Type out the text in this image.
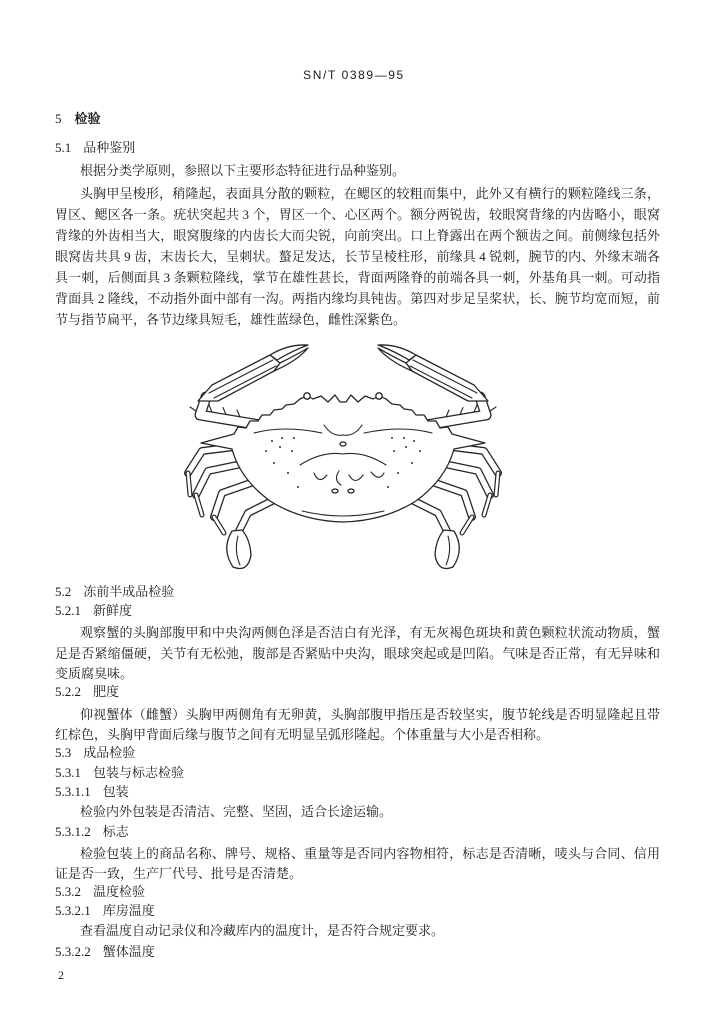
SN/T 0389—95
5 检验
5.1 品种鉴别
根据分类学原则，参照以下主要形态特征进行品种鉴别。
头胸甲呈梭形，稍隆起，表面具分散的颗粒，在鳃区的较粗而集中，此外又有横行的颗粒隆线三条，胃区、鳃区各一条。疣状突起共 3 个，胃区一个、心区两个。额分两锐齿，较眼窝背缘的内齿略小，眼窝背缘的外齿相当大，眼窝腹缘的内齿长大而尖锐，向前突出。口上脊露出在两个额齿之间。前侧缘包括外眼窝齿共具 9 齿，末齿长大，呈刺状。螯足发达，长节呈棱柱形，前缘具 4 锐刺，腕节的内、外缘末端各具一刺，后侧面具 3 条颗粒隆线，掌节在雄性甚长，背面两隆脊的前端各具一刺，外基角具一刺。可动指背面具 2 隆线，不动指外面中部有一沟。两指内缘均具钝齿。第四对步足呈桨状，长、腕节均宽而短，前节与指节扁平，各节边缘具短毛，雄性蓝绿色，雌性深紫色。
5.2 冻前半成品检验
5.2.1 新鲜度
观察蟹的头胸部腹甲和中央沟两侧色泽是否洁白有光泽，有无灰褐色斑块和黄色颗粒状流动物质，蟹足是否紧缩僵硬，关节有无松弛，腹部是否紧贴中央沟，眼球突起或是凹陷。气味是否正常，有无异味和变质腐臭味。
5.2.2 肥度
仰视蟹体（雌蟹）头胸甲两侧角有无卵黄，头胸部腹甲指压是否较坚实，腹节轮线是否明显隆起且带红棕色，头胸甲背面后缘与腹节之间有无明显呈弧形隆起。个体重量与大小是否相称。
5.3 成品检验
5.3.1 包装与标志检验
5.3.1.1 包装
检验内外包装是否清洁、完整、坚固，适合长途运输。
5.3.1.2 标志
检验包装上的商品名称、牌号、规格、重量等是否同内容物相符，标志是否清晰，唛头与合同、信用证是否一致，生产厂代号、批号是否清楚。
5.3.2 温度检验
5.3.2.1 库房温度
查看温度自动记录仪和冷藏库内的温度计，是否符合规定要求。
5.3.2.2 蟹体温度
2
